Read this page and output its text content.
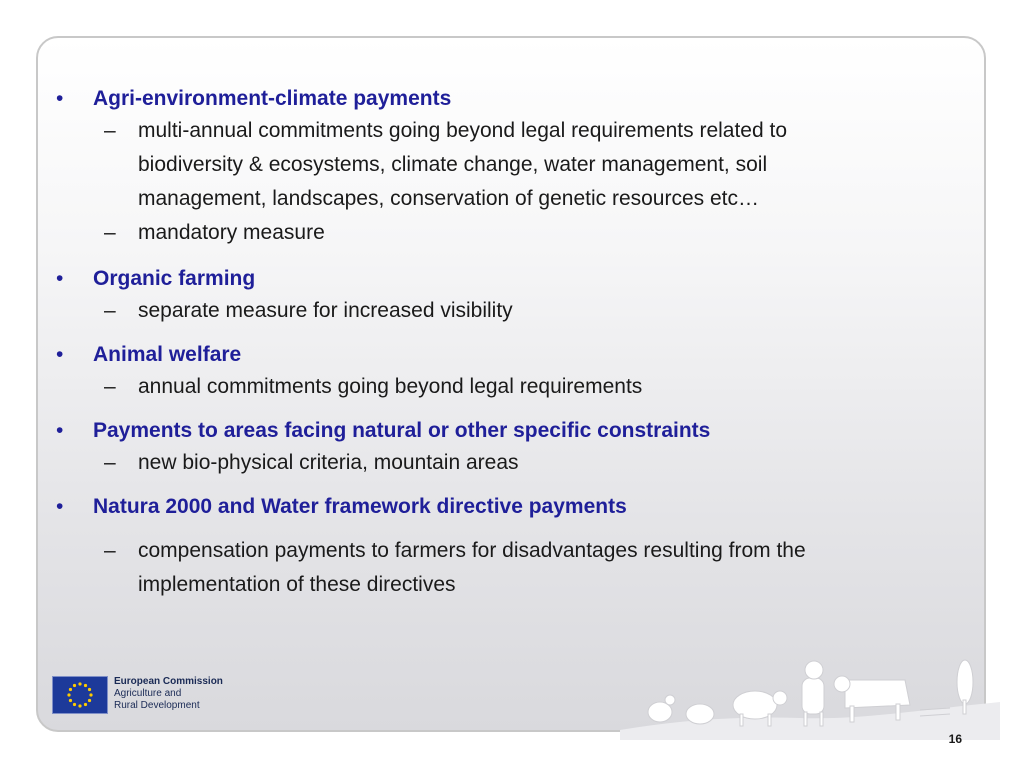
• Agri-environment-climate payments
– multi-annual commitments going beyond legal requirements related to
biodiversity & ecosystems, climate change, water management, soil
management, landscapes, conservation of genetic resources etc…
– mandatory measure
• Organic farming
– separate measure for increased visibility
• Animal welfare
– annual commitments going beyond legal requirements
• Payments to areas facing natural or other specific constraints
– new bio-physical criteria, mountain areas
• Natura 2000 and Water framework directive payments
– compensation payments to farmers for disadvantages resulting from the
implementation of these directives
European Commission
Agriculture and
Rural Development
16
